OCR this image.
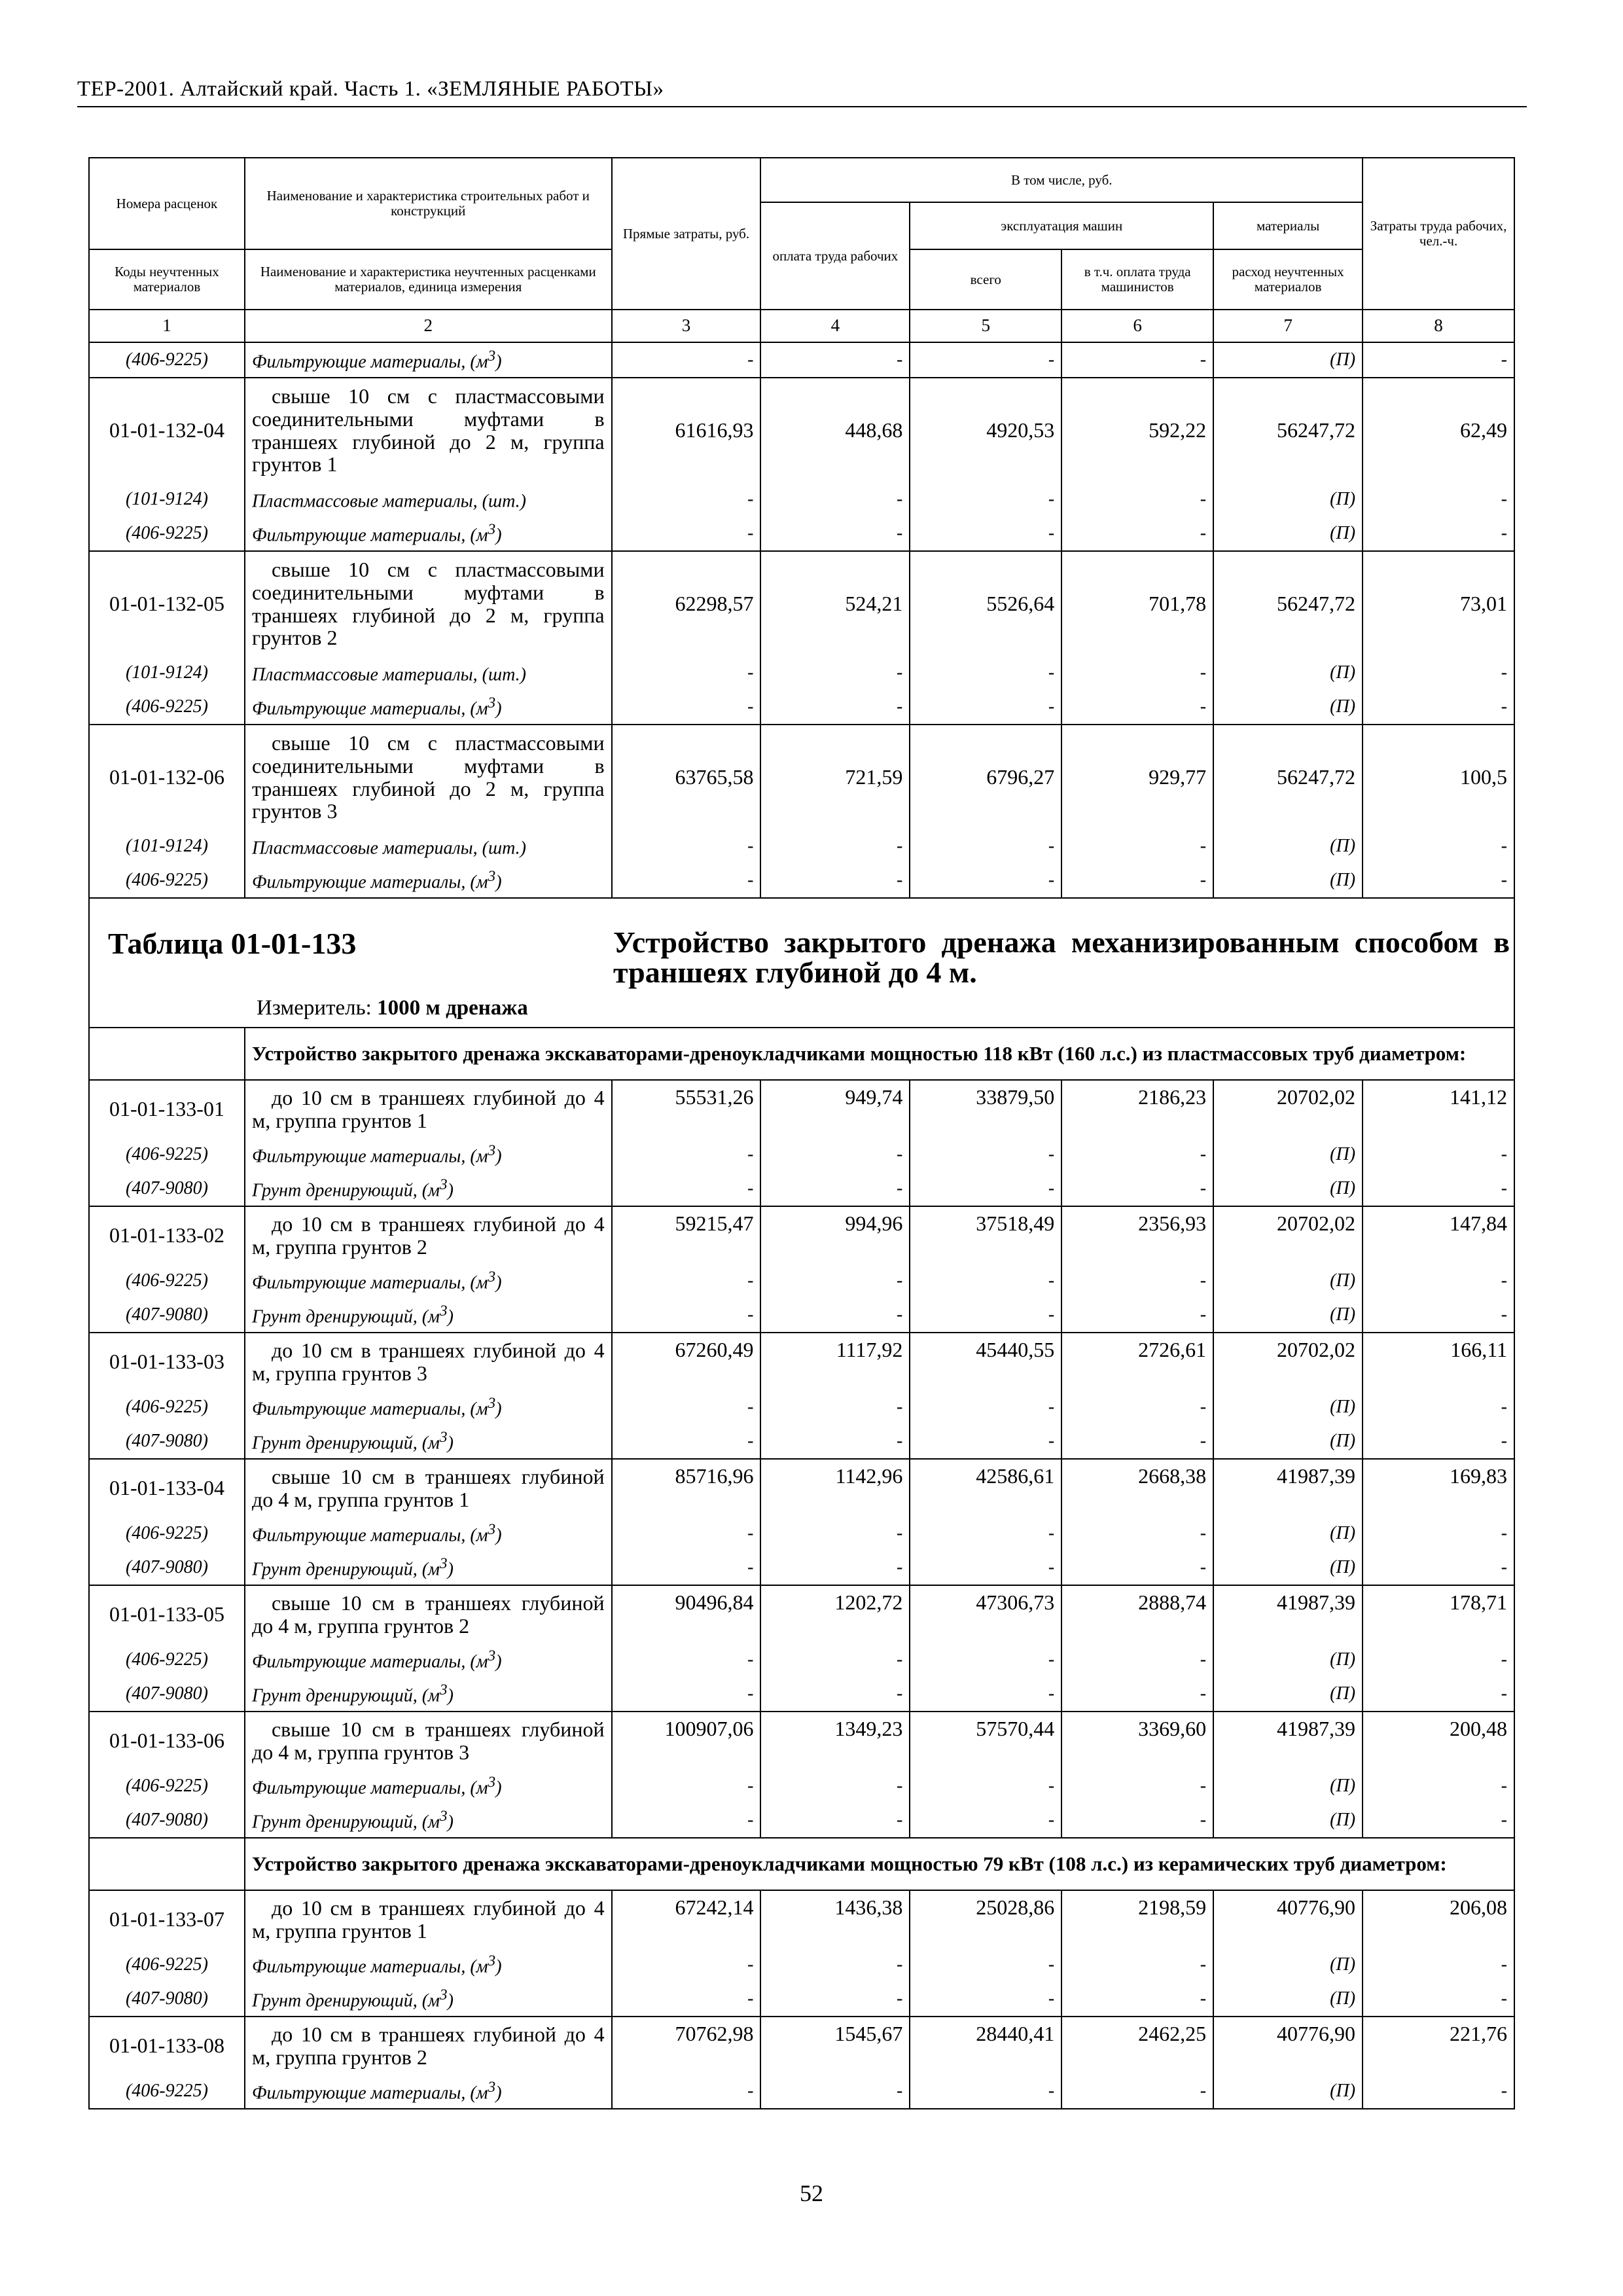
ТЕР-2001. Алтайский край. Часть 1. «ЗЕМЛЯНЫЕ РАБОТЫ»
Номера расценок	Наименование и характеристика строительных работ и конструкций	Прямые затраты, руб.	В том числе, руб.				Затраты труда рабочих, чел.-ч.
			оплата труда рабочих	эксплуатация машин		материалы	
Коды неучтенных материалов	Наименование и характеристика неучтенных расценками материалов, единица измерения			всего	в т.ч. оплата труда машинистов	расход неучтенных материалов	

1	2	3	4	5	6	7	8
(406-9225)	Фильтрующие материалы, $(м^3)$	-	-	-	-	(П)	-
01-01-132-04	свыше 10 см с пластмассовыми соединительными муфтами в траншеях глубиной до 2 м, группа грунтов 1	61616,93	448,68	4920,53	592,22	56247,72	62,49
(101-9124)	Пластмассовые материалы, (шт.)	-	-	-	-	(П)	-
(406-9225)	Фильтрующие материалы, $(м^3)$	-	-	-	-	(П)	-
01-01-132-05	свыше 10 см с пластмассовыми соединительными муфтами в траншеях глубиной до 2 м, группа грунтов 2	62298,57	524,21	5526,64	701,78	56247,72	73,01
(101-9124)	Пластмассовые материалы, (шт.)	-	-	-	-	(П)	-
(406-9225)	Фильтрующие материалы, $(м^3)$	-	-	-	-	(П)	-
01-01-132-06	свыше 10 см с пластмассовыми соединительными муфтами в траншеях глубиной до 2 м, группа грунтов 3	63765,58	721,59	6796,27	929,77	56247,72	100,5
(101-9124)	Пластмассовые материалы, (шт.)	-	-	-	-	(П)	-
(406-9225)	Фильтрующие материалы, $(м^3)$	-	-	-	-	(П)	-

Таблица 01-01-133 Устройство закрытого дренажа механизированным способом в траншеях глубиной до 4 м.
Измеритель: 1000 м дренажа							

	Устройство закрытого дренажа экскаваторами-дреноукладчиками мощностью 118 кВт (160 л.с.) из пластмассовых труб диаметром:						

01-01-133-01	до 10 см в траншеях глубиной до 4 м, группа грунтов 1	55531,26	949,74	33879,50	2186,23	20702,02	141,12
(406-9225)	Фильтрующие материалы, $(м^3)$	-	-	-	-	(П)	-
(407-9080)	Грунт дренирующий, $(м^3)$	-	-	-	-	(П)	-
01-01-133-02	до 10 см в траншеях глубиной до 4 м, группа грунтов 2	59215,47	994,96	37518,49	2356,93	20702,02	147,84
(406-9225)	Фильтрующие материалы, $(м^3)$	-	-	-	-	(П)	-
(407-9080)	Грунт дренирующий, $(м^3)$	-	-	-	-	(П)	-
01-01-133-03	до 10 см в траншеях глубиной до 4 м, группа грунтов 3	67260,49	1117,92	45440,55	2726,61	20702,02	166,11
(406-9225)	Фильтрующие материалы, $(м^3)$	-	-	-	-	(П)	-
(407-9080)	Грунт дренирующий, $(м^3)$	-	-	-	-	(П)	-
01-01-133-04	свыше 10 см в траншеях глубиной до 4 м, группа грунтов 1	85716,96	1142,96	42586,61	2668,38	41987,39	169,83
(406-9225)	Фильтрующие материалы, $(м^3)$	-	-	-	-	(П)	-
(407-9080)	Грунт дренирующий, $(м^3)$	-	-	-	-	(П)	-
01-01-133-05	свыше 10 см в траншеях глубиной до 4 м, группа грунтов 2	90496,84	1202,72	47306,73	2888,74	41987,39	178,71
(406-9225)	Фильтрующие материалы, $(м^3)$	-	-	-	-	(П)	-
(407-9080)	Грунт дренирующий, $(м^3)$	-	-	-	-	(П)	-
01-01-133-06	свыше 10 см в траншеях глубиной до 4 м, группа грунтов 3	100907,06	1349,23	57570,44	3369,60	41987,39	200,48
(406-9225)	Фильтрующие материалы, $(м^3)$	-	-	-	-	(П)	-
(407-9080)	Грунт дренирующий, $(м^3)$	-	-	-	-	(П)	-

	Устройство закрытого дренажа экскаваторами-дреноукладчиками мощностью 79 кВт (108 л.с.) из керамических труб диаметром:						

01-01-133-07	до 10 см в траншеях глубиной до 4 м, группа грунтов 1	67242,14	1436,38	25028,86	2198,59	40776,90	206,08
(406-9225)	Фильтрующие материалы, $(м^3)$	-	-	-	-	(П)	-
(407-9080)	Грунт дренирующий, $(м^3)$	-	-	-	-	(П)	-
01-01-133-08	до 10 см в траншеях глубиной до 4 м, группа грунтов 2	70762,98	1545,67	28440,41	2462,25	40776,90	221,76
(406-9225)	Фильтрующие материалы, $(м^3)$	-	-	-	-	(П)	-
52
